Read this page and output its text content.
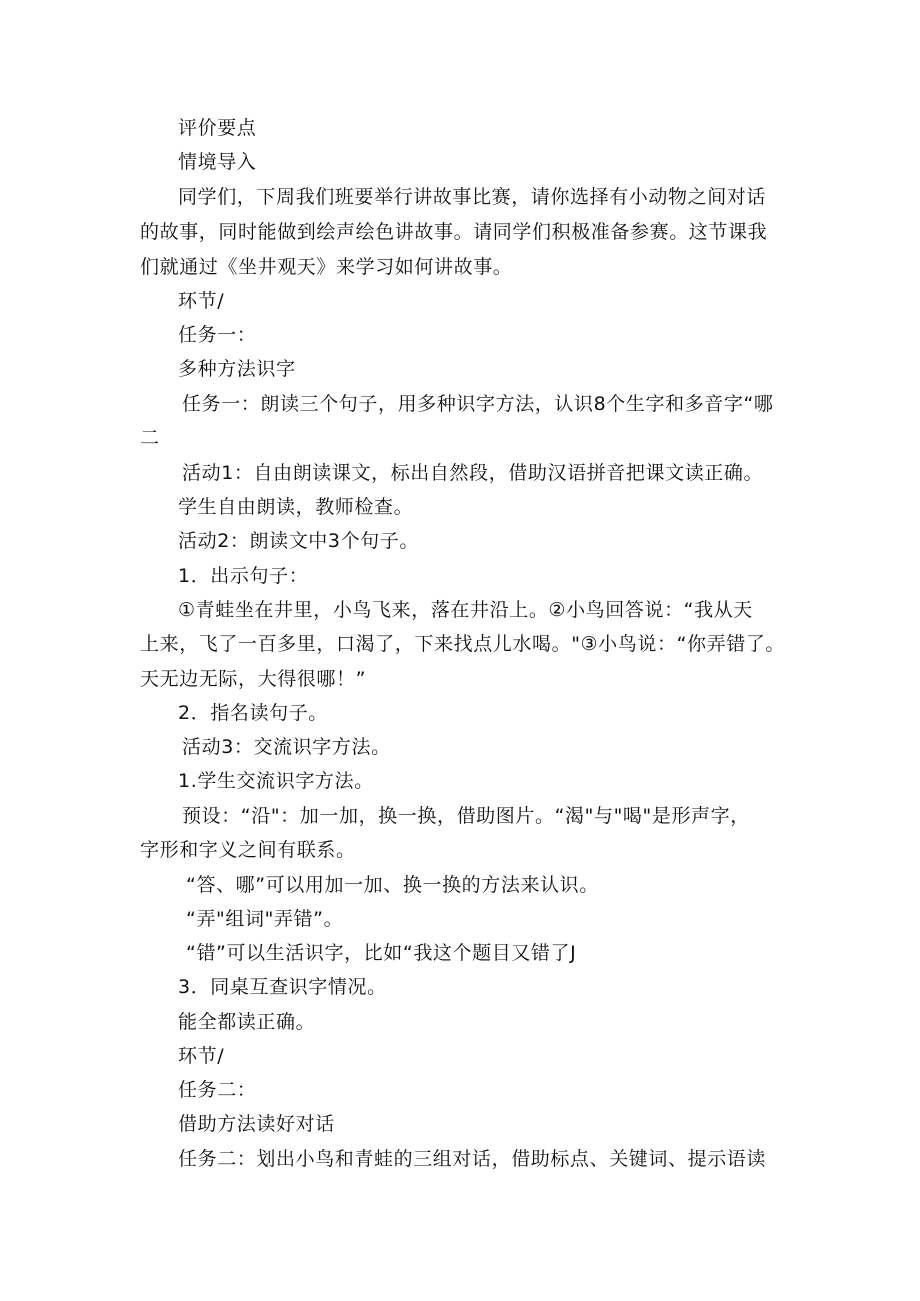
评价要点
情境导入
同学们，下周我们班要举行讲故事比赛，请你选择有小动物之间对话
的故事，同时能做到绘声绘色讲故事。请同学们积极准备参赛。这节课我
们就通过《坐井观天》来学习如何讲故事。
环节/
任务一：
多种方法识字
任务一：朗读三个句子，用多种识字方法，认识8个生字和多音字“哪
二
活动1：自由朗读课文，标出自然段，借助汉语拼音把课文读正确。
学生自由朗读，教师检查。
活动2：朗读文中3个句子。
1．出示句子：
①青蛙坐在井里，小鸟飞来，落在井沿上。②小鸟回答说：“我从天
上来，飞了一百多里，口渴了，下来找点儿水喝。"③小鸟说：“你弄错了。
天无边无际，大得很哪！”
2．指名读句子。
活动3：交流识字方法。
1.学生交流识字方法。
预设：“沿"：加一加，换一换，借助图片。“渴"与"喝"是形声字，
字形和字义之间有联系。
“答、哪”可以用加一加、换一换的方法来认识。
“弄"组词"弄错”。
“错”可以生活识字，比如“我这个题目又错了J
3．同桌互查识字情况。
能全都读正确。
环节/
任务二：
借助方法读好对话
任务二：划出小鸟和青蛙的三组对话，借助标点、关键词、提示语读
